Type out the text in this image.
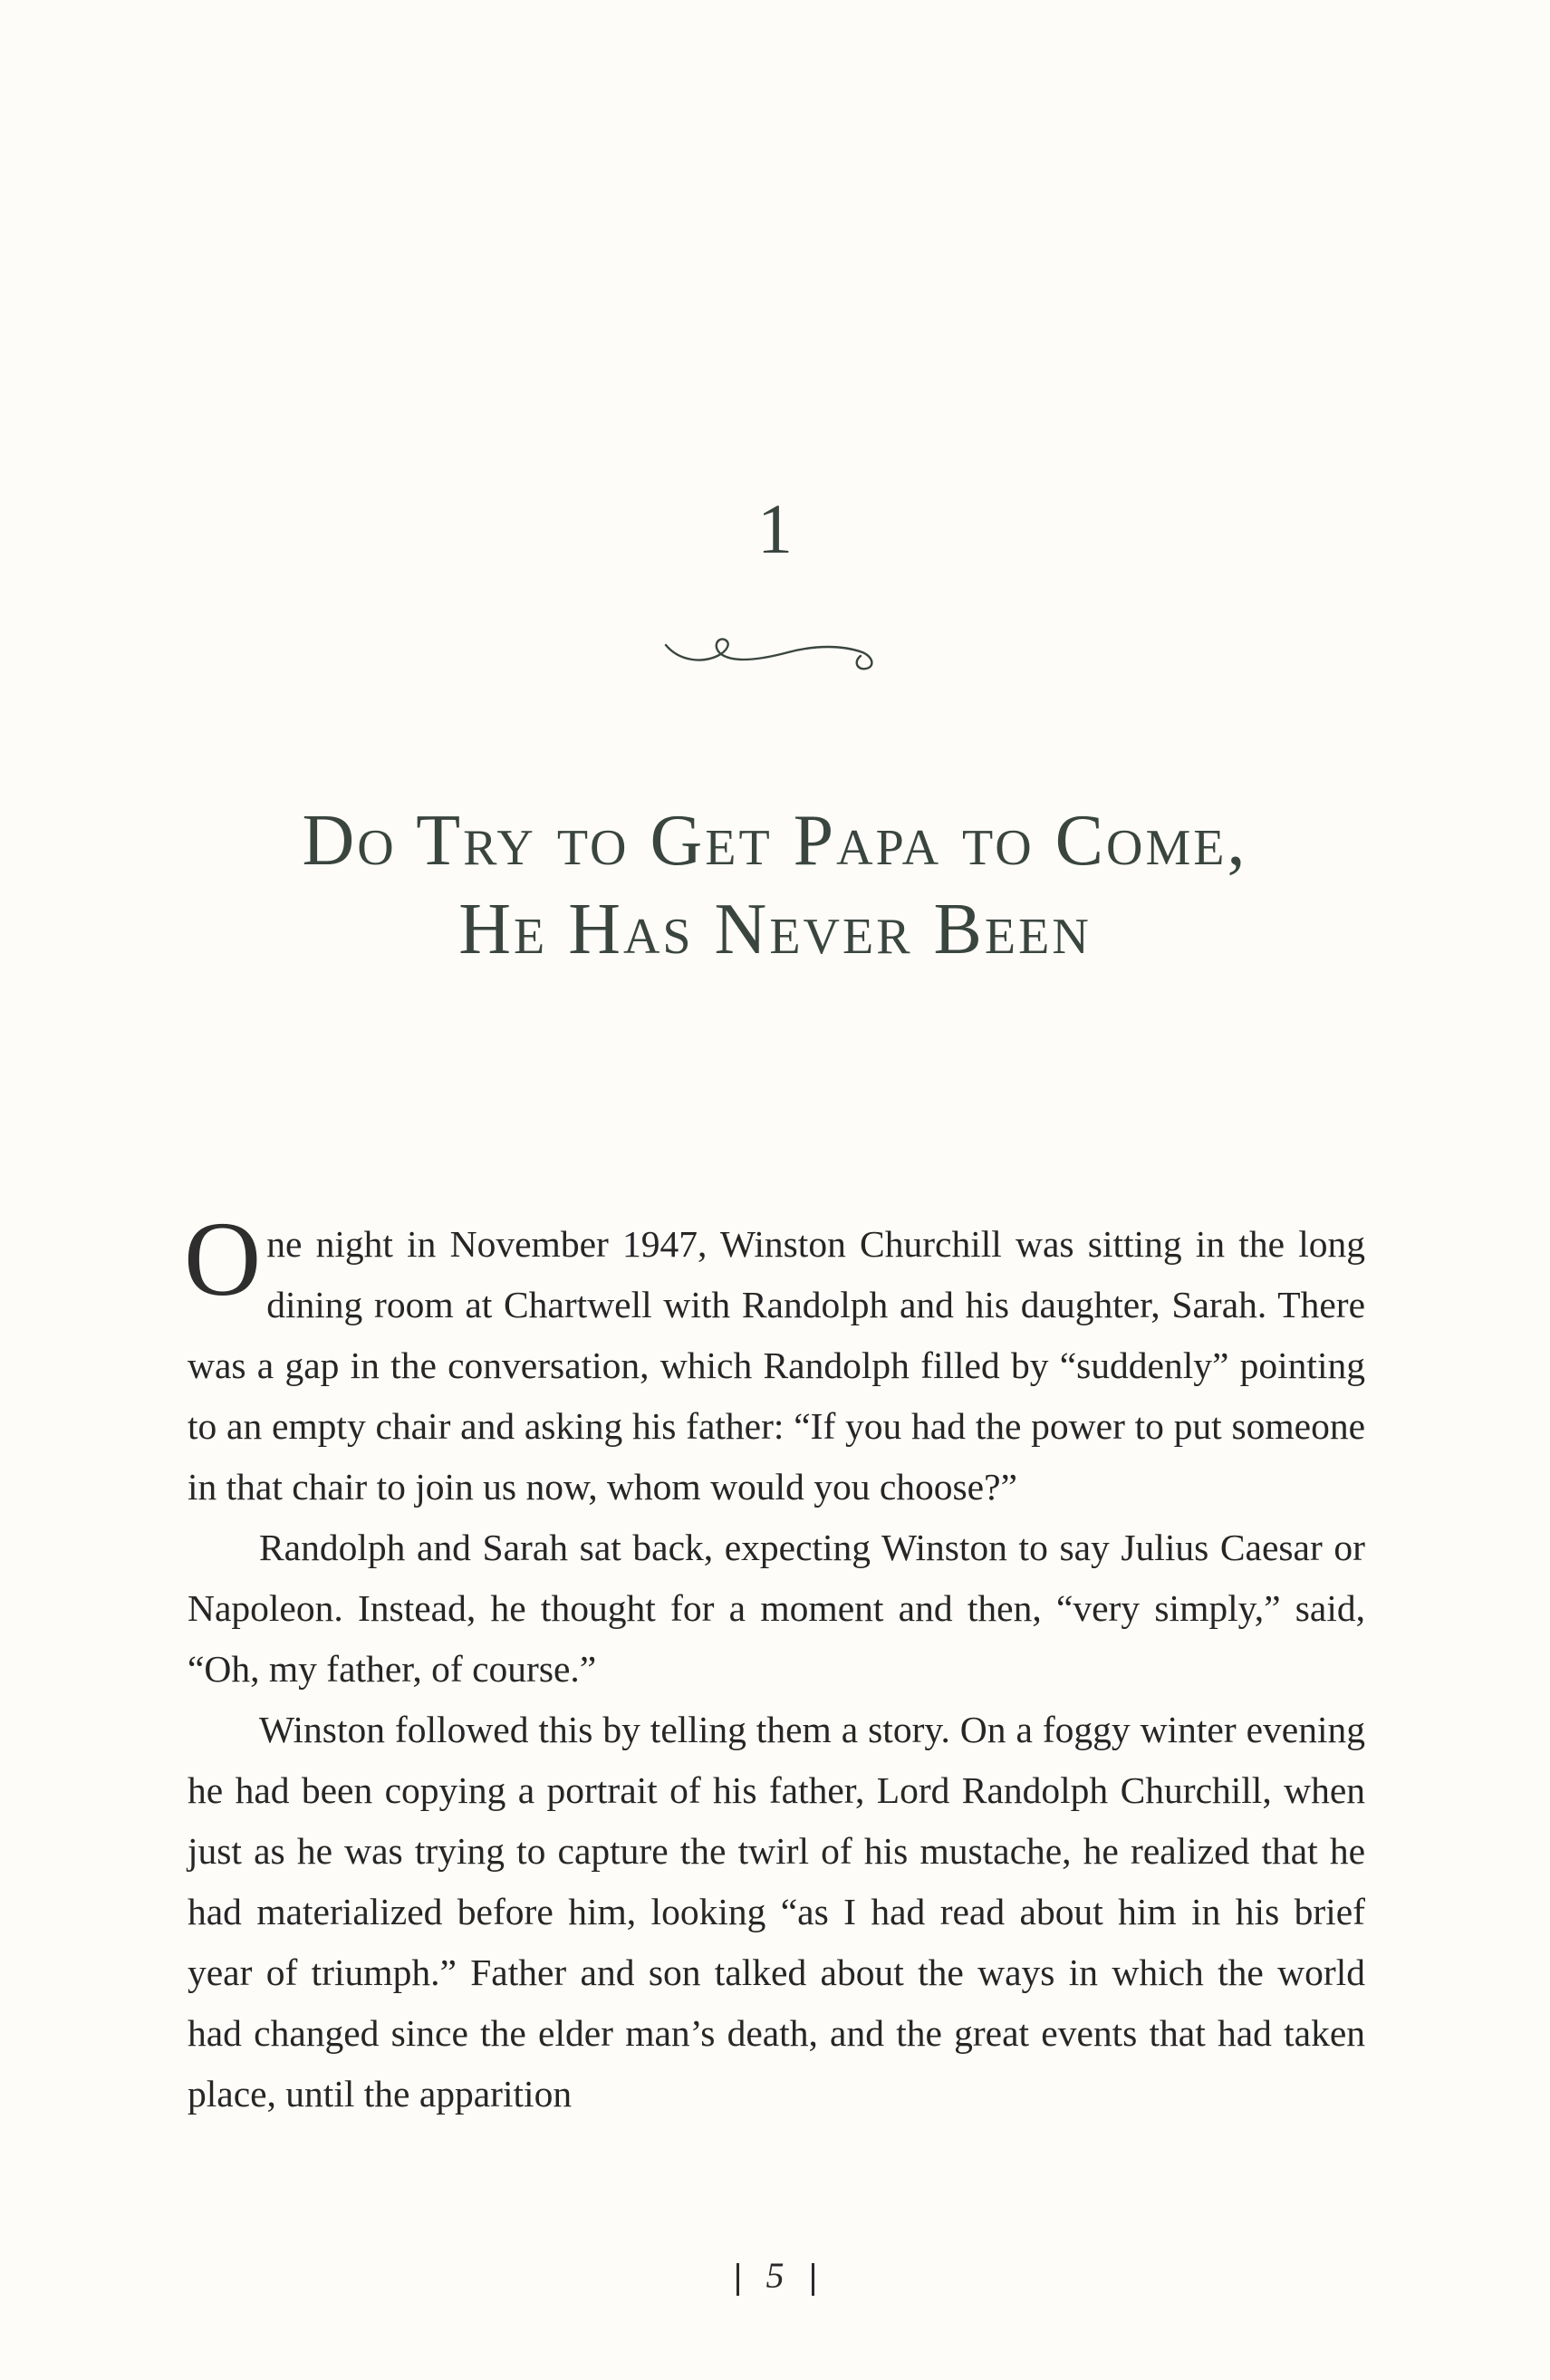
1
Do Try to Get Papa to Come,
He Has Never Been

One night in November 1947, Winston Churchill was sitting in the long dining room at Chartwell with Randolph and his daughter, Sarah. There was a gap in the conversation, which Randolph filled by “suddenly” pointing to an empty chair and asking his father: “If you had the power to put someone in that chair to join us now, whom would you choose?”

Randolph and Sarah sat back, expecting Winston to say Julius Caesar or Napoleon. Instead, he thought for a moment and then, “very simply,” said, “Oh, my father, of course.”

Winston followed this by telling them a story. On a foggy winter evening he had been copying a portrait of his father, Lord Randolph Churchill, when just as he was trying to capture the twirl of his mustache, he realized that he had materialized before him, looking “as I had read about him in his brief year of triumph.” Father and son talked about the ways in which the world had changed since the elder man’s death, and the great events that had taken place, until the apparition

5
